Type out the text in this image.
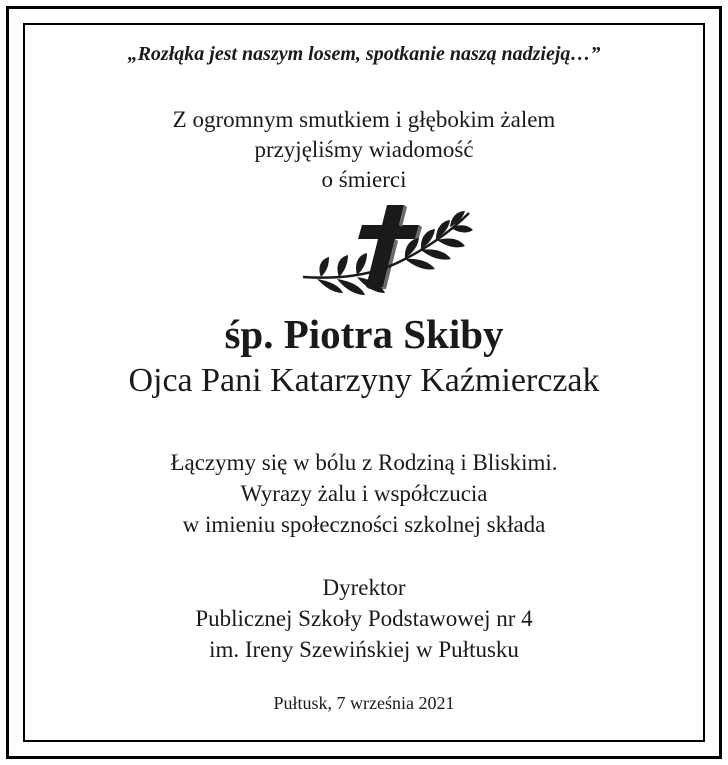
„Rozłąka jest naszym losem, spotkanie naszą nadzieją…”
Z ogromnym smutkiem i głębokim żalem
przyjęliśmy wiadomość
o śmierci
śp. Piotra Skiby
Ojca Pani Katarzyny Kaźmierczak
Łączymy się w bólu z Rodziną i Bliskimi.
Wyrazy żalu i współczucia
w imieniu społeczności szkolnej składa
Dyrektor
Publicznej Szkoły Podstawowej nr 4
im. Ireny Szewińskiej w Pułtusku
Pułtusk, 7 września 2021
